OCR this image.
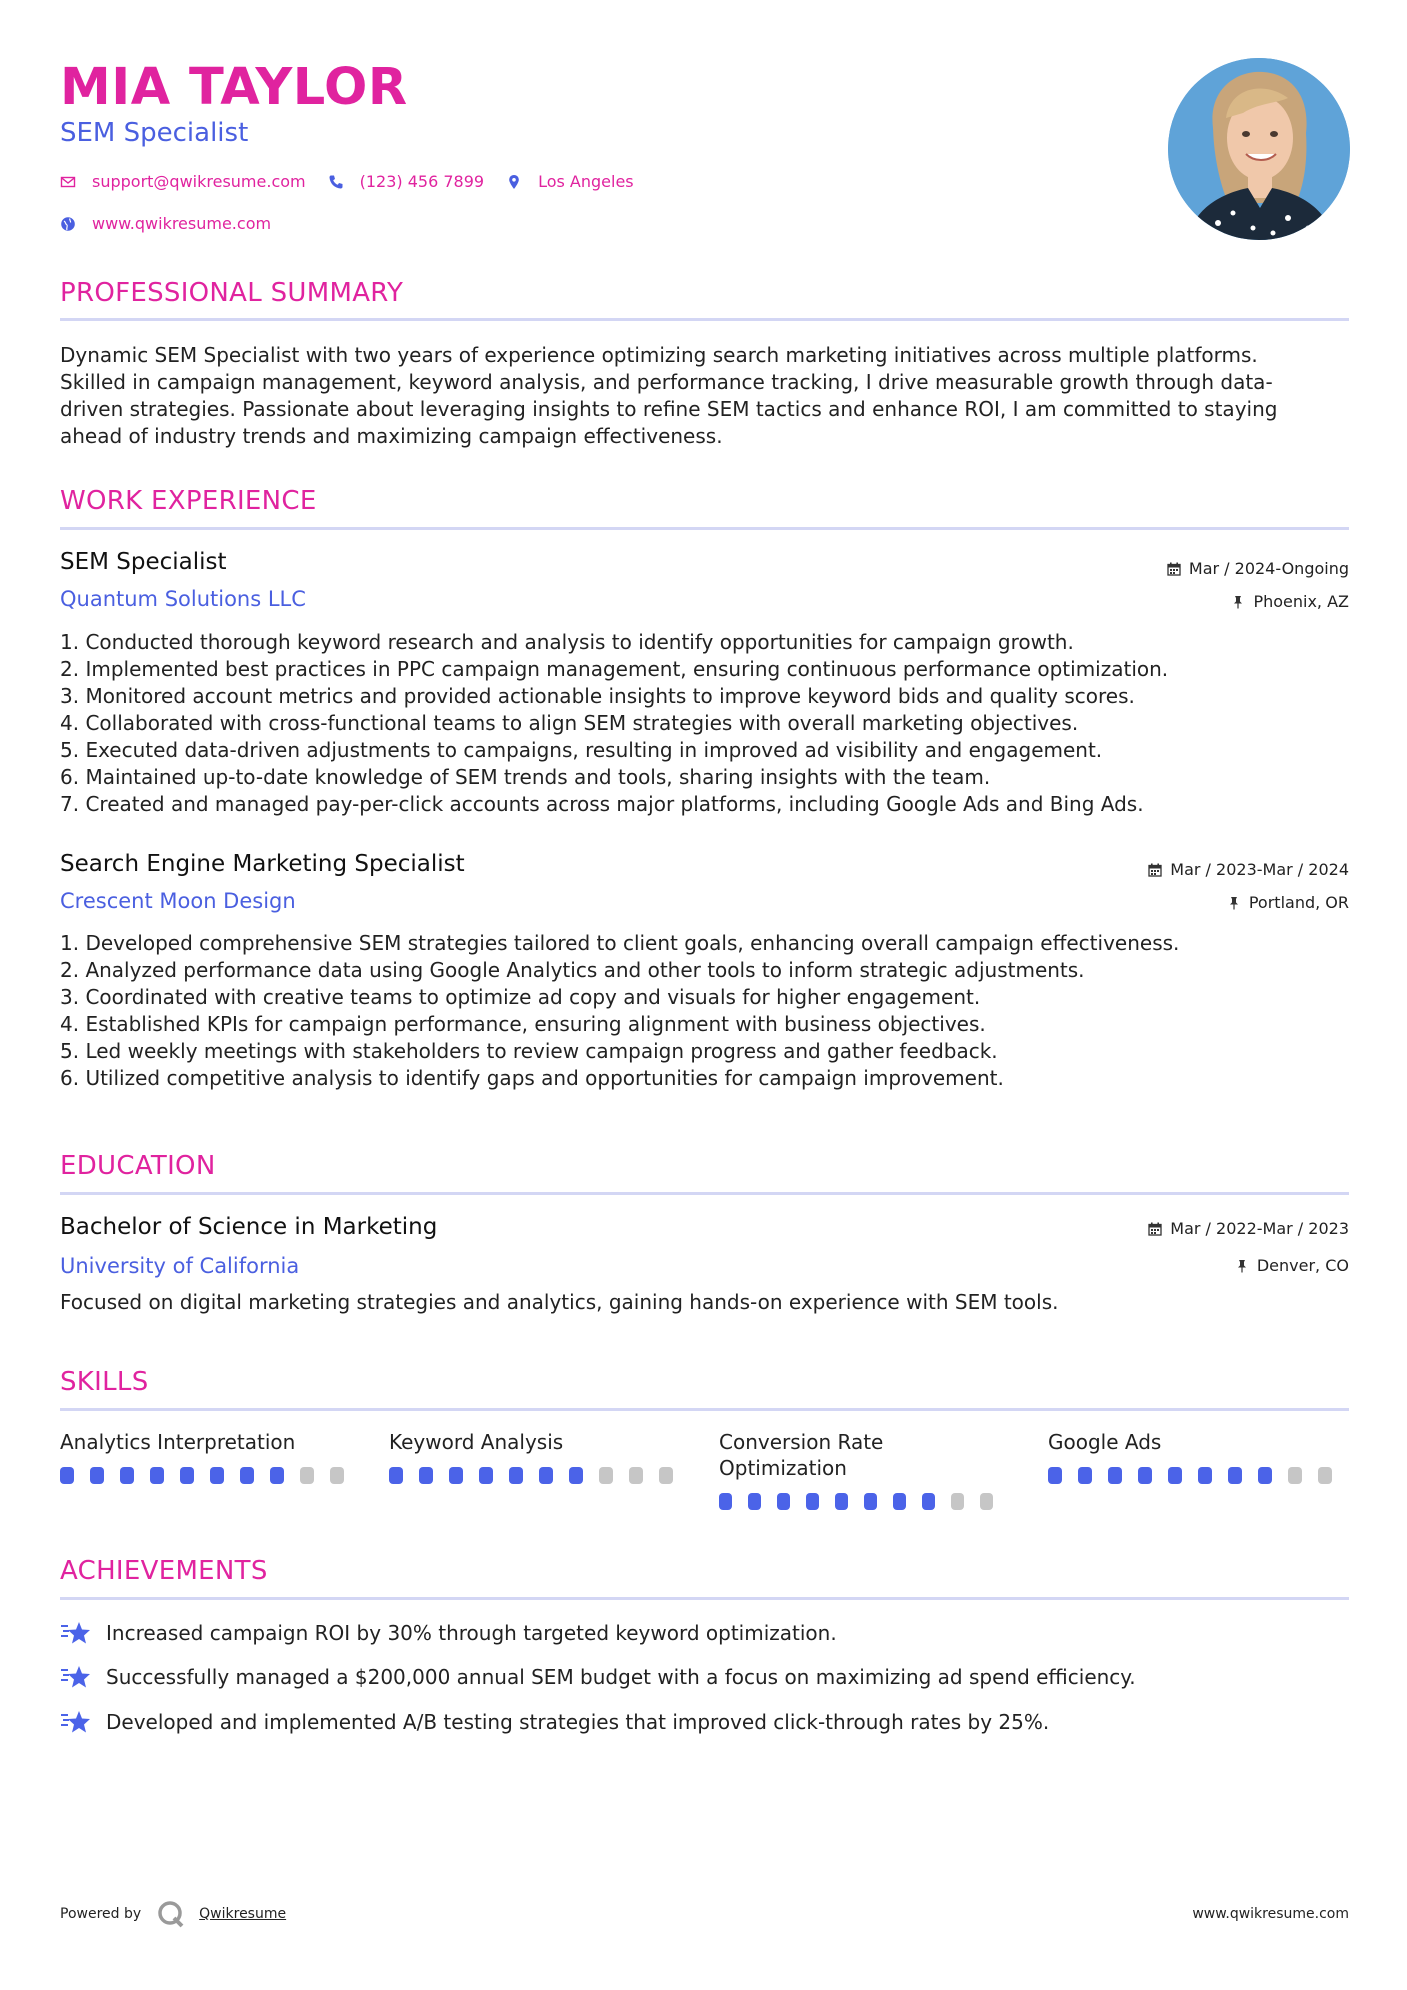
MIA TAYLOR
SEM Specialist
support@qwikresume.com	(123) 456 7899	Los Angeles
www.qwikresume.com
PROFESSIONAL SUMMARY
Dynamic SEM Specialist with two years of experience optimizing search marketing initiatives across multiple platforms.
Skilled in campaign management, keyword analysis, and performance tracking, I drive measurable growth through data-
driven strategies. Passionate about leveraging insights to refine SEM tactics and enhance ROI, I am committed to staying
ahead of industry trends and maximizing campaign effectiveness.
WORK EXPERIENCE
SEM Specialist	Mar / 2024-Ongoing
Quantum Solutions LLC	Phoenix, AZ
1. Conducted thorough keyword research and analysis to identify opportunities for campaign growth.
2. Implemented best practices in PPC campaign management, ensuring continuous performance optimization.
3. Monitored account metrics and provided actionable insights to improve keyword bids and quality scores.
4. Collaborated with cross-functional teams to align SEM strategies with overall marketing objectives.
5. Executed data-driven adjustments to campaigns, resulting in improved ad visibility and engagement.
6. Maintained up-to-date knowledge of SEM trends and tools, sharing insights with the team.
7. Created and managed pay-per-click accounts across major platforms, including Google Ads and Bing Ads.
Search Engine Marketing Specialist	Mar / 2023-Mar / 2024
Crescent Moon Design	Portland, OR
1. Developed comprehensive SEM strategies tailored to client goals, enhancing overall campaign effectiveness.
2. Analyzed performance data using Google Analytics and other tools to inform strategic adjustments.
3. Coordinated with creative teams to optimize ad copy and visuals for higher engagement.
4. Established KPIs for campaign performance, ensuring alignment with business objectives.
5. Led weekly meetings with stakeholders to review campaign progress and gather feedback.
6. Utilized competitive analysis to identify gaps and opportunities for campaign improvement.
EDUCATION
Bachelor of Science in Marketing	Mar / 2022-Mar / 2023
University of California	Denver, CO
Focused on digital marketing strategies and analytics, gaining hands-on experience with SEM tools.
SKILLS
Analytics Interpretation	Keyword Analysis	Conversion Rate Optimization
Google Ads
ACHIEVEMENTS
Increased campaign ROI by 30% through targeted keyword optimization.
Successfully managed a $200,000 annual SEM budget with a focus on maximizing ad spend efficiency.
Developed and implemented A/B testing strategies that improved click-through rates by 25%.
Powered by	Qwikresume	www.qwikresume.com
